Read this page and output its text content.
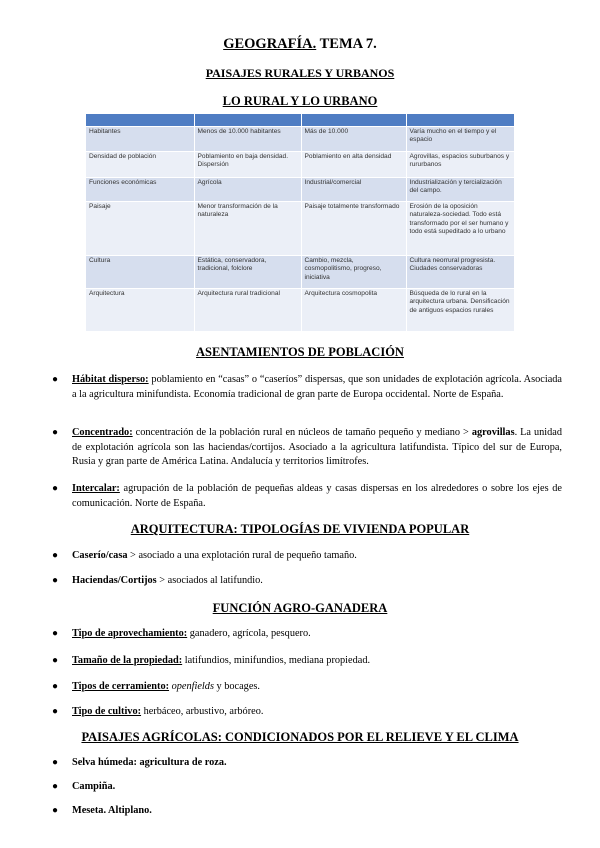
GEOGRAFÍA. TEMA 7.
PAISAJES RURALES Y URBANOS
LO RURAL Y LO URBANO

Habitantes	Menos de 10.000 habitantes	Más de 10.000	Varía mucho en el tiempo y el espacio
Densidad de población	Poblamiento en baja densidad. Dispersión	Poblamiento en alta densidad	Agrovillas, espacios suburbanos y rururbanos
Funciones económicas	Agrícola	Industrial/comercial	Industrialización y tercialización del campo.
Paisaje	Menor transformación de la naturaleza	Paisaje totalmente transformado	Erosión de la oposición naturaleza-sociedad. Todo está transformado por el ser humano y todo está supeditado a lo urbano
Cultura	Estática, conservadora, tradicional, folclore	Cambio, mezcla, cosmopolitismo, progreso, iniciativa	Cultura neorrural progresista. Ciudades conservadoras
Arquitectura	Arquitectura rural tradicional	Arquitectura cosmopolita	Búsqueda de lo rural en la arquitectura urbana. Densificación de antiguos espacios rurales
ASENTAMIENTOS DE POBLACIÓN
● Hábitat disperso: poblamiento en “casas” o “caseríos” dispersas, que son unidades de explotación agrícola. Asociada a la agricultura minifundista. Economía tradicional de gran parte de Europa occidental. Norte de España.
● Concentrado: concentración de la población rural en núcleos de tamaño pequeño y mediano > agrovillas. La unidad de explotación agrícola son las haciendas/cortijos. Asociado a la agricultura latifundista. Típico del sur de Europa, Rusia y gran parte de América Latina. Andalucía y territorios limítrofes.
● Intercalar: agrupación de la población de pequeñas aldeas y casas dispersas en los alrededores o sobre los ejes de comunicación. Norte de España.
ARQUITECTURA: TIPOLOGÍAS DE VIVIENDA POPULAR
● Caserío/casa > asociado a una explotación rural de pequeño tamaño.
● Haciendas/Cortijos > asociados al latifundio.
FUNCIÓN AGRO-GANADERA
● Tipo de aprovechamiento: ganadero, agrícola, pesquero.
● Tamaño de la propiedad: latifundios, minifundios, mediana propiedad.
● Tipos de cerramiento: openfields y bocages.
● Tipo de cultivo: herbáceo, arbustivo, arbóreo.
PAISAJES AGRÍCOLAS: CONDICIONADOS POR EL RELIEVE Y EL CLIMA
● Selva húmeda: agricultura de roza.
● Campiña.
● Meseta. Altiplano.
